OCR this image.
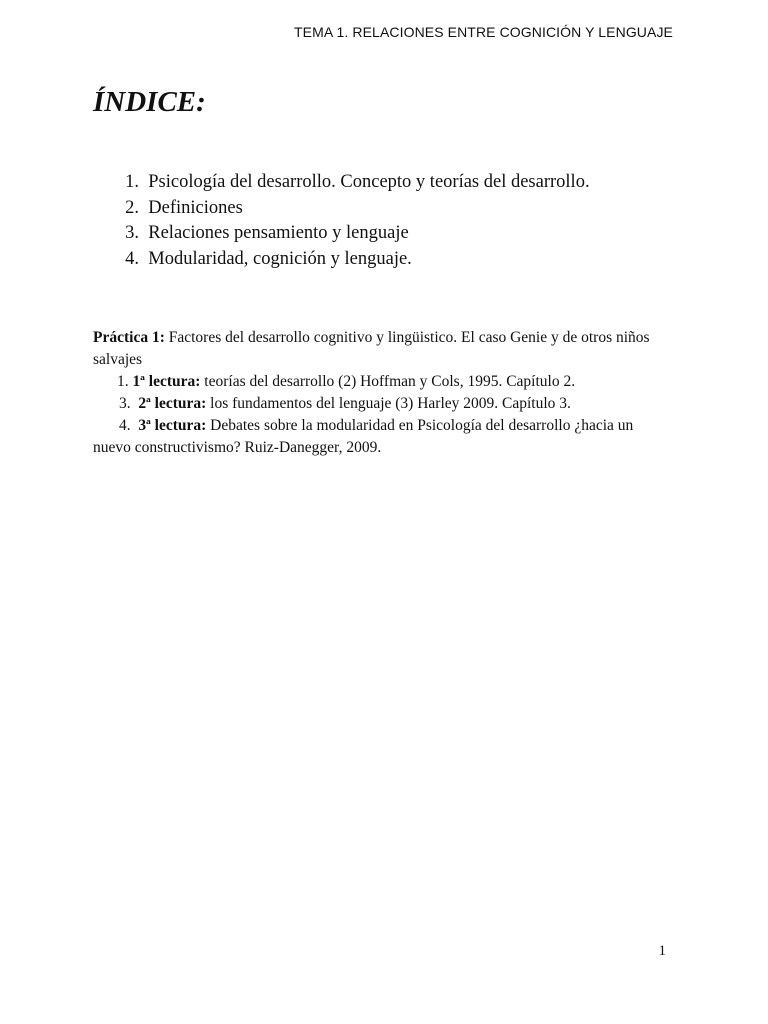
TEMA 1. RELACIONES ENTRE COGNICIÓN Y LENGUAJE
ÍNDICE:
1.
Psicología del desarrollo. Concepto y teorías del desarrollo.
2.
Definiciones
3.
Relaciones pensamiento y lenguaje
4.
Modularidad, cognición y lenguaje.

Práctica 1: Factores del desarrollo cognitivo y lingüistico. El caso Genie y de otros niños salvajes

1. 1ª lectura: teorías del desarrollo (2) Hoffman y Cols, 1995. Capítulo 2.

3. 2ª lectura: los fundamentos del lenguaje (3) Harley 2009. Capítulo 3.

4. 3ª lectura: Debates sobre la modularidad en Psicología del desarrollo ¿hacia un nuevo constructivismo? Ruiz-Danegger, 2009.

1
